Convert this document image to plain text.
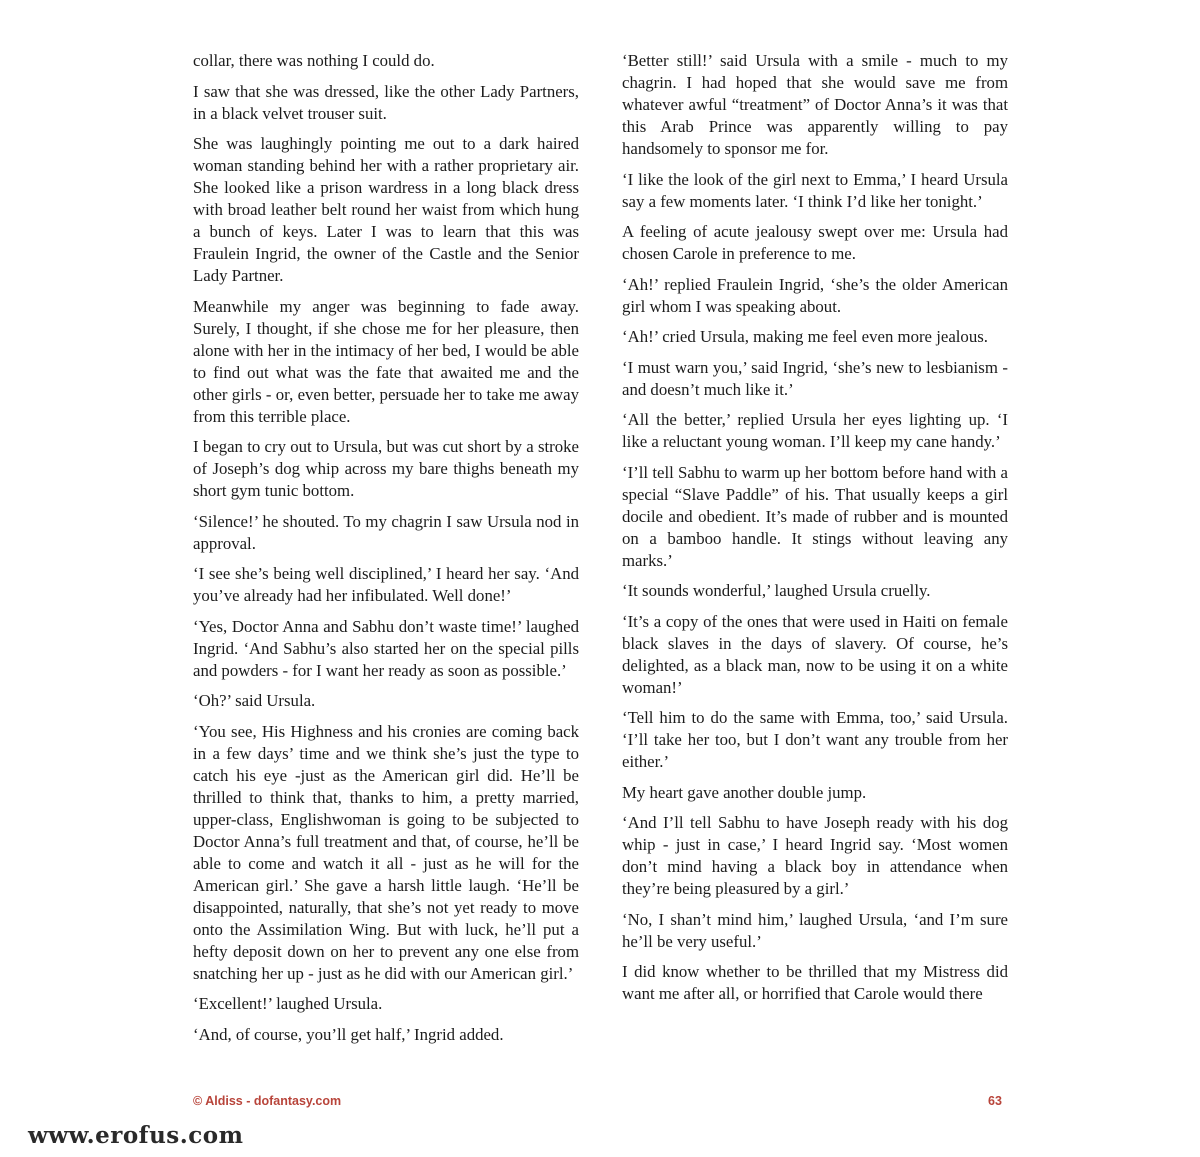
collar, there was nothing I could do.

I saw that she was dressed, like the other Lady Partners, in a black velvet trouser suit.

She was laughingly pointing me out to a dark haired woman standing behind her with a rather proprietary air. She looked like a prison wardress in a long black dress with broad leather belt round her waist from which hung a bunch of keys. Later I was to learn that this was Fraulein Ingrid, the owner of the Castle and the Senior Lady Partner.

Meanwhile my anger was beginning to fade away. Surely, I thought, if she chose me for her pleasure, then alone with her in the intimacy of her bed, I would be able to find out what was the fate that awaited me and the other girls - or, even better, persuade her to take me away from this terrible place.

I began to cry out to Ursula, but was cut short by a stroke of Joseph’s dog whip across my bare thighs beneath my short gym tunic bottom.

‘Silence!’ he shouted. To my chagrin I saw Ursula nod in approval.

‘I see she’s being well disciplined,’ I heard her say. ‘And you’ve already had her infibulated. Well done!’

‘Yes, Doctor Anna and Sabhu don’t waste time!’ laughed Ingrid. ‘And Sabhu’s also started her on the special pills and powders - for I want her ready as soon as possible.’

‘Oh?’ said Ursula.

‘You see, His Highness and his cronies are coming back in a few days’ time and we think she’s just the type to catch his eye -just as the American girl did. He’ll be thrilled to think that, thanks to him, a pretty married, upper-class, Englishwoman is going to be subjected to Doctor Anna’s full treatment and that, of course, he’ll be able to come and watch it all - just as he will for the American girl.’ She gave a harsh little laugh. ‘He’ll be disappointed, naturally, that she’s not yet ready to move onto the Assimilation Wing. But with luck, he’ll put a hefty deposit down on her to prevent any one else from snatching her up - just as he did with our American girl.’

‘Excellent!’ laughed Ursula.

‘And, of course, you’ll get half,’ Ingrid added.

‘Better still!’ said Ursula with a smile - much to my chagrin. I had hoped that she would save me from whatever awful “treatment” of Doctor Anna’s it was that this Arab Prince was apparently willing to pay handsomely to sponsor me for.

‘I like the look of the girl next to Emma,’ I heard Ursula say a few moments later. ‘I think I’d like her tonight.’

A feeling of acute jealousy swept over me: Ursula had chosen Carole in preference to me.

‘Ah!’ replied Fraulein Ingrid, ‘she’s the older American girl whom I was speaking about.

‘Ah!’ cried Ursula, making me feel even more jealous.

‘I must warn you,’ said Ingrid, ‘she’s new to lesbianism - and doesn’t much like it.’

‘All the better,’ replied Ursula her eyes lighting up. ‘I like a reluctant young woman. I’ll keep my cane handy.’

‘I’ll tell Sabhu to warm up her bottom before hand with a special “Slave Paddle” of his. That usually keeps a girl docile and obedient. It’s made of rubber and is mounted on a bamboo handle. It stings without leaving any marks.’

‘It sounds wonderful,’ laughed Ursula cruelly.

‘It’s a copy of the ones that were used in Haiti on female black slaves in the days of slavery. Of course, he’s delighted, as a black man, now to be using it on a white woman!’

‘Tell him to do the same with Emma, too,’ said Ursula. ‘I’ll take her too, but I don’t want any trouble from her either.’

My heart gave another double jump.

‘And I’ll tell Sabhu to have Joseph ready with his dog whip - just in case,’ I heard Ingrid say. ‘Most women don’t mind having a black boy in attendance when they’re being pleasured by a girl.’

‘No, I shan’t mind him,’ laughed Ursula, ‘and I’m sure he’ll be very useful.’

I did know whether to be thrilled that my Mistress did want me after all, or horrified that Carole would there

© Aldiss - dofantasy.com	63
www.erofus.com
